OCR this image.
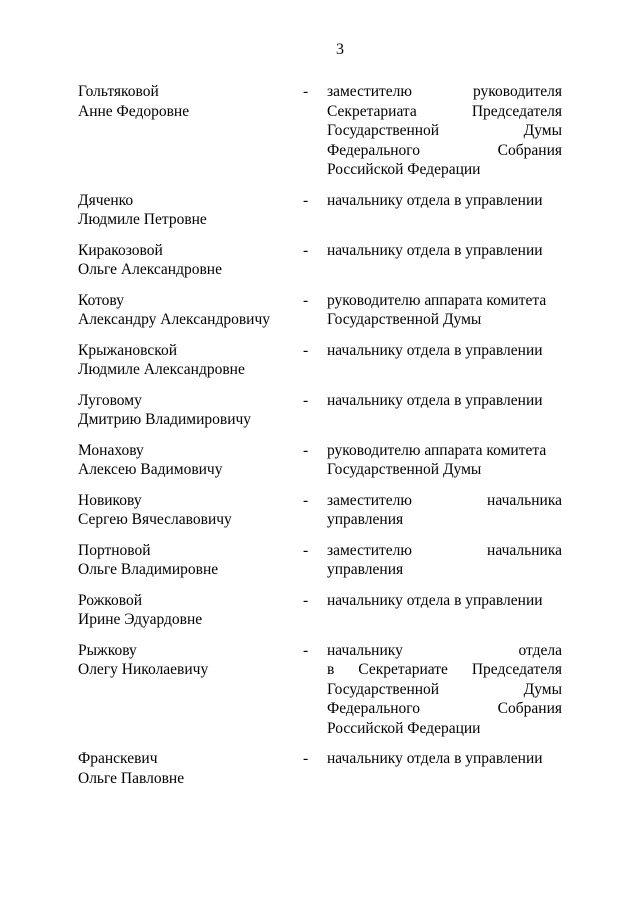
3
Гольтяковой
Анне Федоровне
- заместителю руководителя
Секретариата Председателя
Государственной Думы
Федерального Собрания
Российской Федерации
Дяченко
Людмиле Петровне
- начальнику отдела в управлении
Киракозовой
Ольге Александровне
- начальнику отдела в управлении
Котову
Александру Александровичу
- руководителю аппарата комитета
Государственной Думы
Крыжановской
Людмиле Александровне
- начальнику отдела в управлении
Луговому
Дмитрию Владимировичу
- начальнику отдела в управлении
Монахову
Алексею Вадимовичу
- руководителю аппарата комитета
Государственной Думы
Новикову
Сергею Вячеславовичу
- заместителю начальника
управления
Портновой
Ольге Владимировне
- заместителю начальника
управления
Рожковой
Ирине Эдуардовне
- начальнику отдела в управлении
Рыжкову
Олегу Николаевичу
- начальнику отдела
в Секретариате Председателя
Государственной Думы
Федерального Собрания
Российской Федерации
Франскевич
Ольге Павловне
- начальнику отдела в управлении
